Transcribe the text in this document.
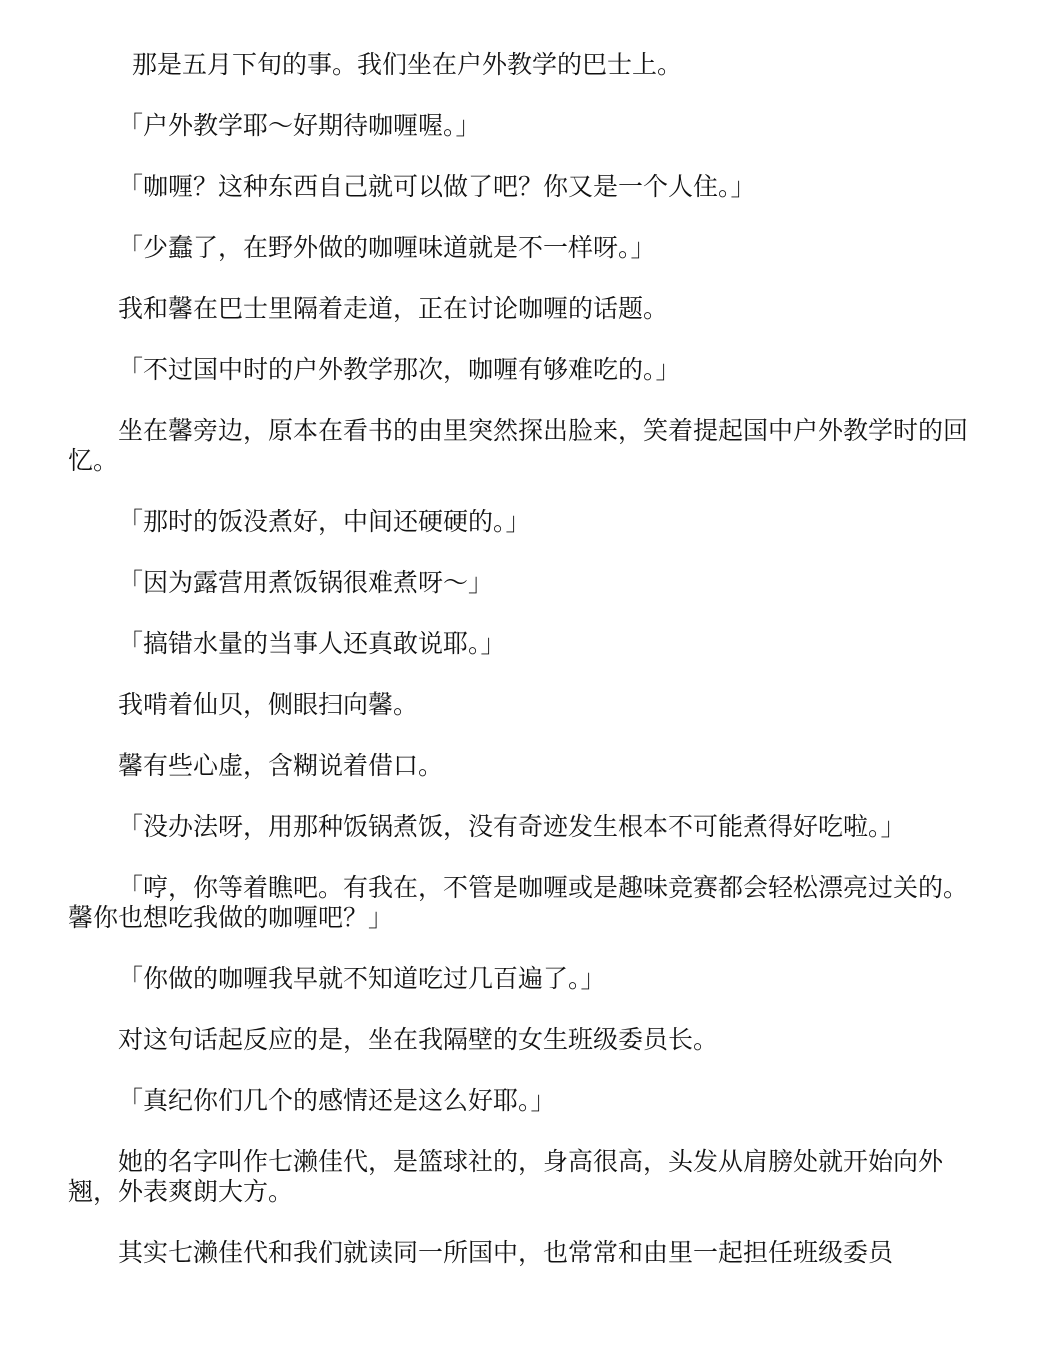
那是五月下旬的事。我们坐在户外教学的巴士上。

「户外教学耶～好期待咖喱喔。」

「咖喱？这种东西自己就可以做了吧？你又是一个人住。」

「少蠢了，在野外做的咖喱味道就是不一样呀。」

我和馨在巴士里隔着走道，正在讨论咖喱的话题。

「不过国中时的户外教学那次，咖喱有够难吃的。」

坐在馨旁边，原本在看书的由里突然探出脸来，笑着提起国中户外教学时的回忆。

「那时的饭没煮好，中间还硬硬的。」

「因为露营用煮饭锅很难煮呀～」

「搞错水量的当事人还真敢说耶。」

我啃着仙贝，侧眼扫向馨。

馨有些心虚，含糊说着借口。

「没办法呀，用那种饭锅煮饭，没有奇迹发生根本不可能煮得好吃啦。」

「哼，你等着瞧吧。有我在，不管是咖喱或是趣味竞赛都会轻松漂亮过关的。馨你也想吃我做的咖喱吧？」

「你做的咖喱我早就不知道吃过几百遍了。」

对这句话起反应的是，坐在我隔壁的女生班级委员长。

「真纪你们几个的感情还是这么好耶。」

她的名字叫作七濑佳代，是篮球社的，身高很高，头发从肩膀处就开始向外翘，外表爽朗大方。

其实七濑佳代和我们就读同一所国中，也常常和由里一起担任班级委员
